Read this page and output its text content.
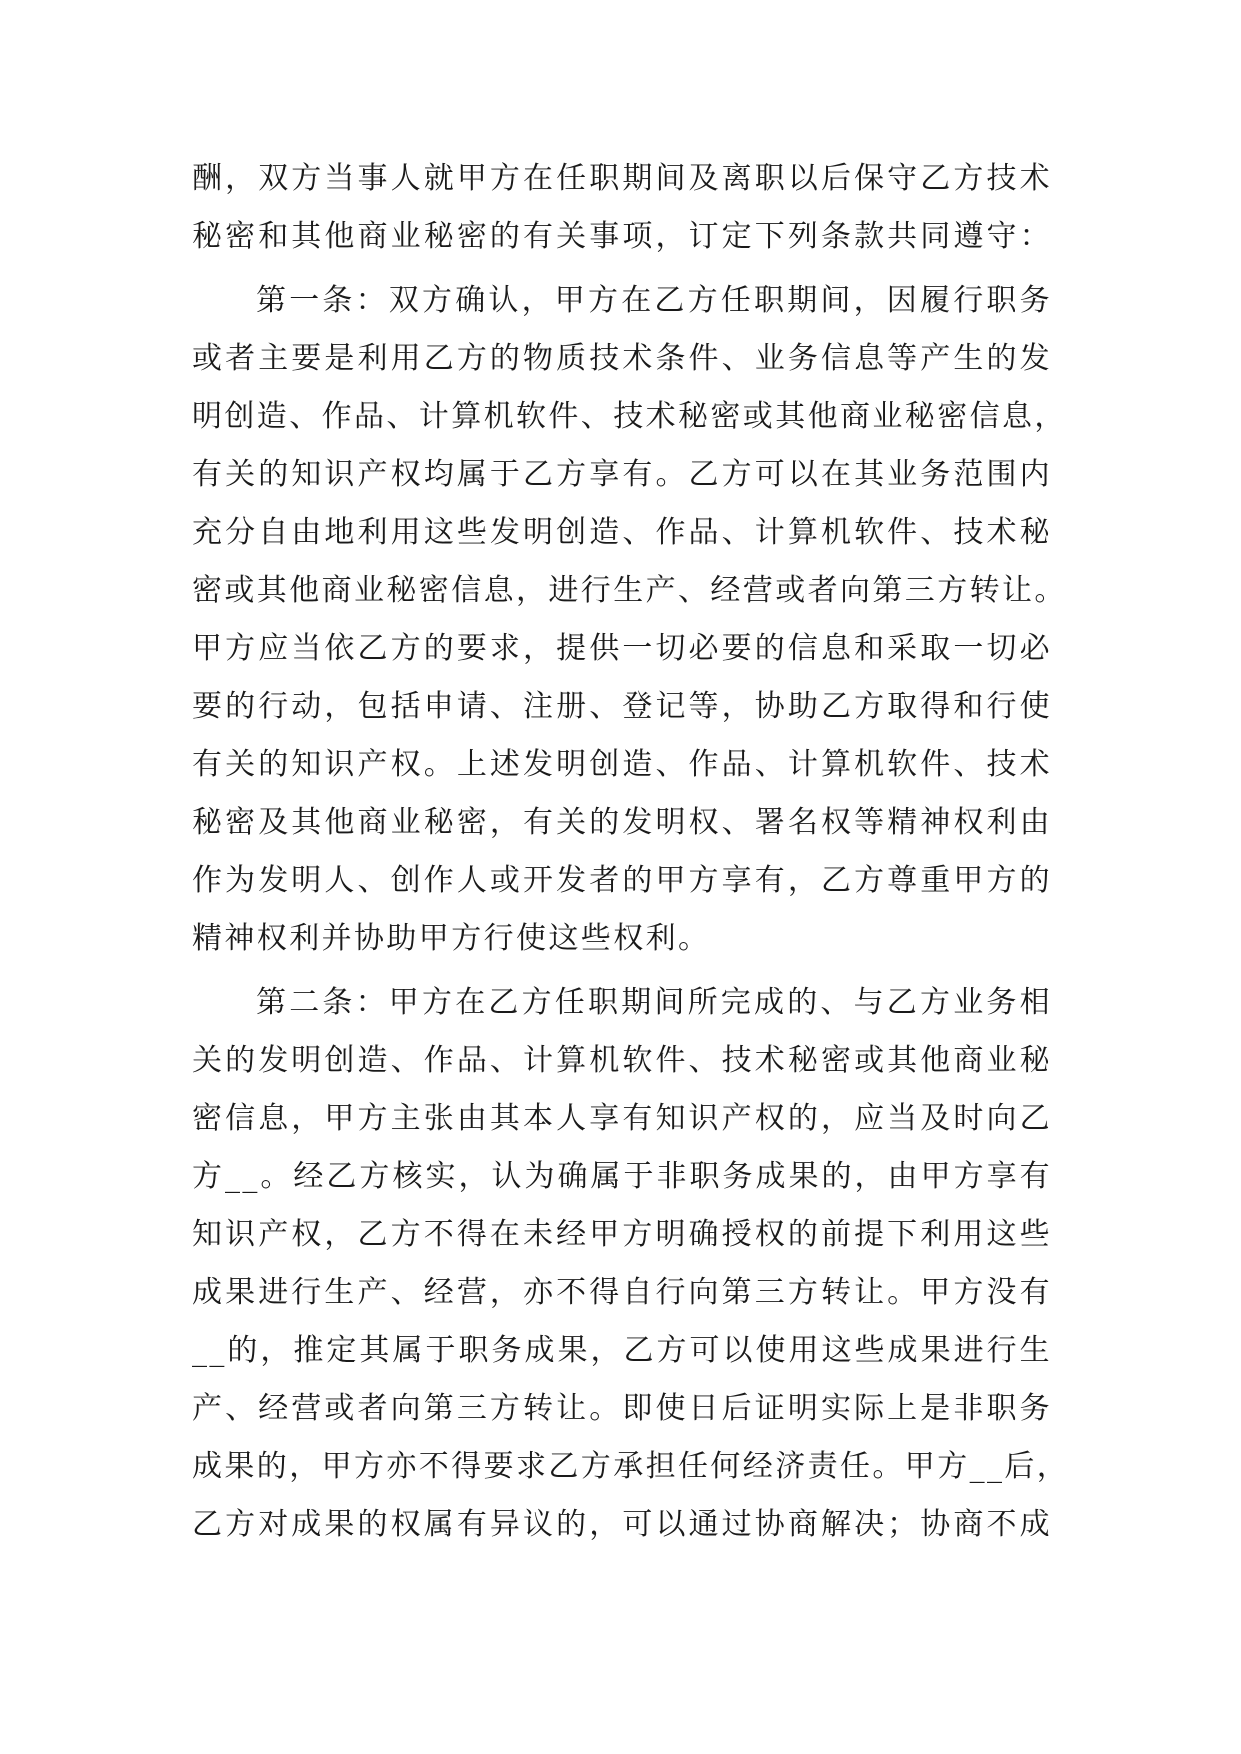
酬，双方当事人就甲方在任职期间及离职以后保守乙方技术
秘密和其他商业秘密的有关事项，订定下列条款共同遵守：
第一条：双方确认，甲方在乙方任职期间，因履行职务
或者主要是利用乙方的物质技术条件、业务信息等产生的发
明创造、作品、计算机软件、技术秘密或其他商业秘密信息，
有关的知识产权均属于乙方享有。乙方可以在其业务范围内
充分自由地利用这些发明创造、作品、计算机软件、技术秘
密或其他商业秘密信息，进行生产、经营或者向第三方转让。
甲方应当依乙方的要求，提供一切必要的信息和采取一切必
要的行动，包括申请、注册、登记等，协助乙方取得和行使
有关的知识产权。上述发明创造、作品、计算机软件、技术
秘密及其他商业秘密，有关的发明权、署名权等精神权利由
作为发明人、创作人或开发者的甲方享有，乙方尊重甲方的
精神权利并协助甲方行使这些权利。
第二条：甲方在乙方任职期间所完成的、与乙方业务相
关的发明创造、作品、计算机软件、技术秘密或其他商业秘
密信息，甲方主张由其本人享有知识产权的，应当及时向乙
方__。经乙方核实，认为确属于非职务成果的，由甲方享有
知识产权，乙方不得在未经甲方明确授权的前提下利用这些
成果进行生产、经营，亦不得自行向第三方转让。甲方没有
__的，推定其属于职务成果，乙方可以使用这些成果进行生
产、经营或者向第三方转让。即使日后证明实际上是非职务
成果的，甲方亦不得要求乙方承担任何经济责任。甲方__后，
乙方对成果的权属有异议的，可以通过协商解决；协商不成
